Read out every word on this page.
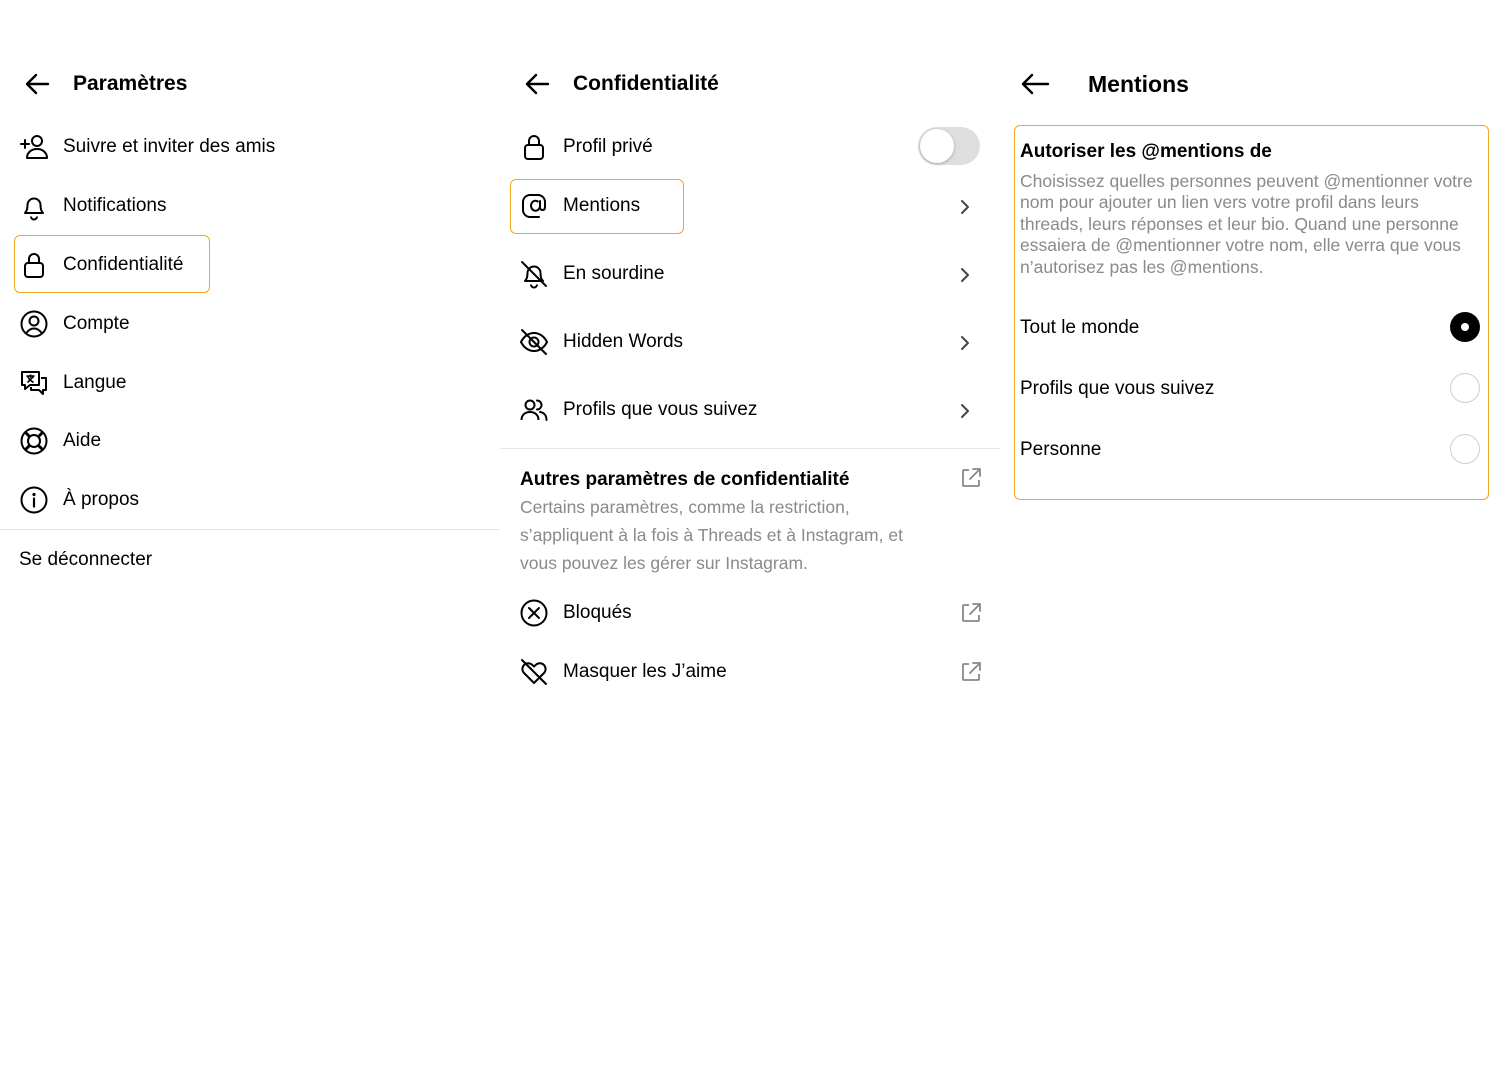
Paramètres
Suivre et inviter des amis
Notifications
Confidentialité
Compte
Langue
Aide
À propos
Se déconnecter
Confidentialité
Profil privé
Mentions
En sourdine
Hidden Words
Profils que vous suivez
Autres paramètres de confidentialité
Certains paramètres, comme la restriction, s’appliquent à la fois à Threads et à Instagram, et vous pouvez les gérer sur Instagram.
Bloqués
Masquer les J’aime
Mentions
Autoriser les @mentions de
Choisissez quelles personnes peuvent @mentionner votre nom pour ajouter un lien vers votre profil dans leurs threads, leurs réponses et leur bio. Quand une personne essaiera de @mentionner votre nom, elle verra que vous n’autorisez pas les @mentions.
Tout le monde
Profils que vous suivez
Personne
